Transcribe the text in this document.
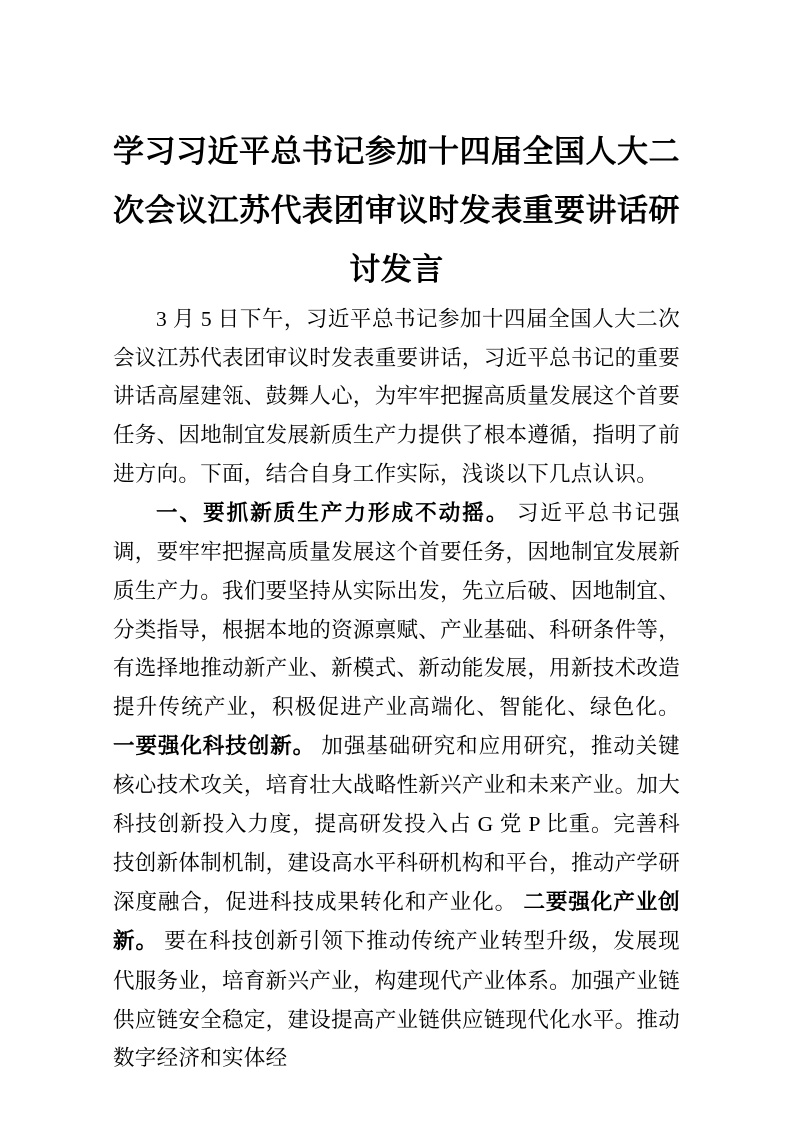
学习习近平总书记参加十四届全国人大二次会议江苏代表团审议时发表重要讲话研讨发言

3 月 5 日下午，习近平总书记参加十四届全国人大二次会议江苏代表团审议时发表重要讲话，习近平总书记的重要讲话高屋建瓴、鼓舞人心，为牢牢把握高质量发展这个首要任务、因地制宜发展新质生产力提供了根本遵循，指明了前进方向。下面，结合自身工作实际，浅谈以下几点认识。

一、要抓新质生产力形成不动摇。 习近平总书记强调，要牢牢把握高质量发展这个首要任务，因地制宜发展新质生产力。我们要坚持从实际出发，先立后破、因地制宜、分类指导，根据本地的资源禀赋、产业基础、科研条件等，有选择地推动新产业、新模式、新动能发展，用新技术改造提升传统产业，积极促进产业高端化、智能化、绿色化。 一要强化科技创新。 加强基础研究和应用研究，推动关键核心技术攻关，培育壮大战略性新兴产业和未来产业。加大科技创新投入力度，提高研发投入占 G 党 P 比重。完善科技创新体制机制，建设高水平科研机构和平台，推动产学研深度融合，促进科技成果转化和产业化。 二要强化产业创新。 要在科技创新引领下推动传统产业转型升级，发展现代服务业，培育新兴产业，构建现代产业体系。加强产业链供应链安全稳定，建设提高产业链供应链现代化水平。推动数字经济和实体经
